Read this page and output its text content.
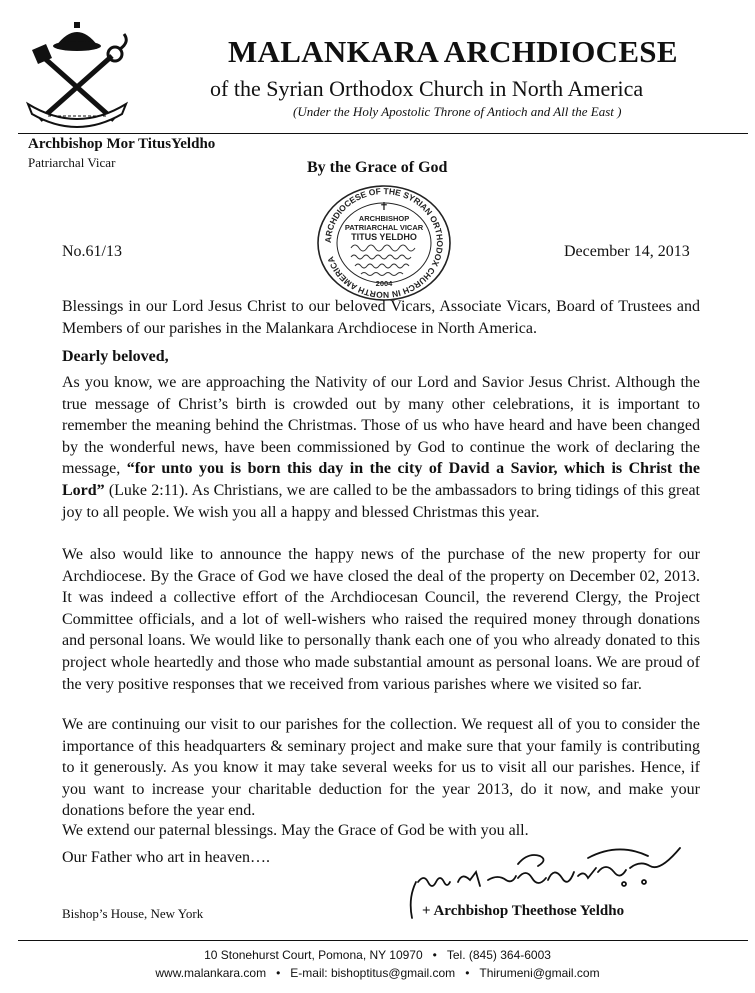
MALANKARA ARCHDIOCESE
of the Syrian Orthodox Church in North America
(Under the Holy Apostolic Throne of Antioch and All the East )
Archbishop Mor TitusYeldho
Patriarchal Vicar	By the Grace of God
ARCHDIOCESE OF THE SYRIAN ORTHODOX CHURCH IN NORTH AMERICA
✝
ARCHBISHOP
PATRIARCHAL VICAR
TITUS YELDHO
2004
No.61/13	December 14, 2013

Blessings in our Lord Jesus Christ to our beloved Vicars, Associate Vicars, Board of Trustees and Members of our parishes in the Malankara Archdiocese in North America.

Dearly beloved,

As you know, we are approaching the Nativity of our Lord and Savior Jesus Christ. Although the true message of Christ’s birth is crowded out by many other celebrations, it is important to remember the meaning behind the Christmas. Those of us who have heard and have been changed by the wonderful news, have been commissioned by God to continue the work of declaring the message, “for unto you is born this day in the city of David a Savior, which is Christ the Lord” (Luke 2:11). As Christians, we are called to be the ambassadors to bring tidings of this great joy to all people. We wish you all a happy and blessed Christmas this year.

We also would like to announce the happy news of the purchase of the new property for our Archdiocese. By the Grace of God we have closed the deal of the property on December 02, 2013. It was indeed a collective effort of the Archdiocesan Council, the reverend Clergy, the Project Committee officials, and a lot of well-wishers who raised the required money through donations and personal loans. We would like to personally thank each one of you who already donated to this project whole heartedly and those who made substantial amount as personal loans. We are proud of the very positive responses that we received from various parishes where we visited so far.

We are continuing our visit to our parishes for the collection. We request all of you to consider the importance of this headquarters & seminary project and make sure that your family is contributing to it generously. As you know it may take several weeks for us to visit all our parishes. Hence, if you want to increase your charitable deduction for the year 2013, do it now, and make your donations before the year end.

We extend our paternal blessings. May the Grace of God be with you all.

Our Father who art in heaven….
+ Archbishop Theethose Yeldho
Bishop’s House, New York
10 Stonehurst Court, Pomona, NY 10970 • Tel. (845) 364-6003
www.malankara.com • E-mail: bishoptitus@gmail.com • Thirumeni@gmail.com
